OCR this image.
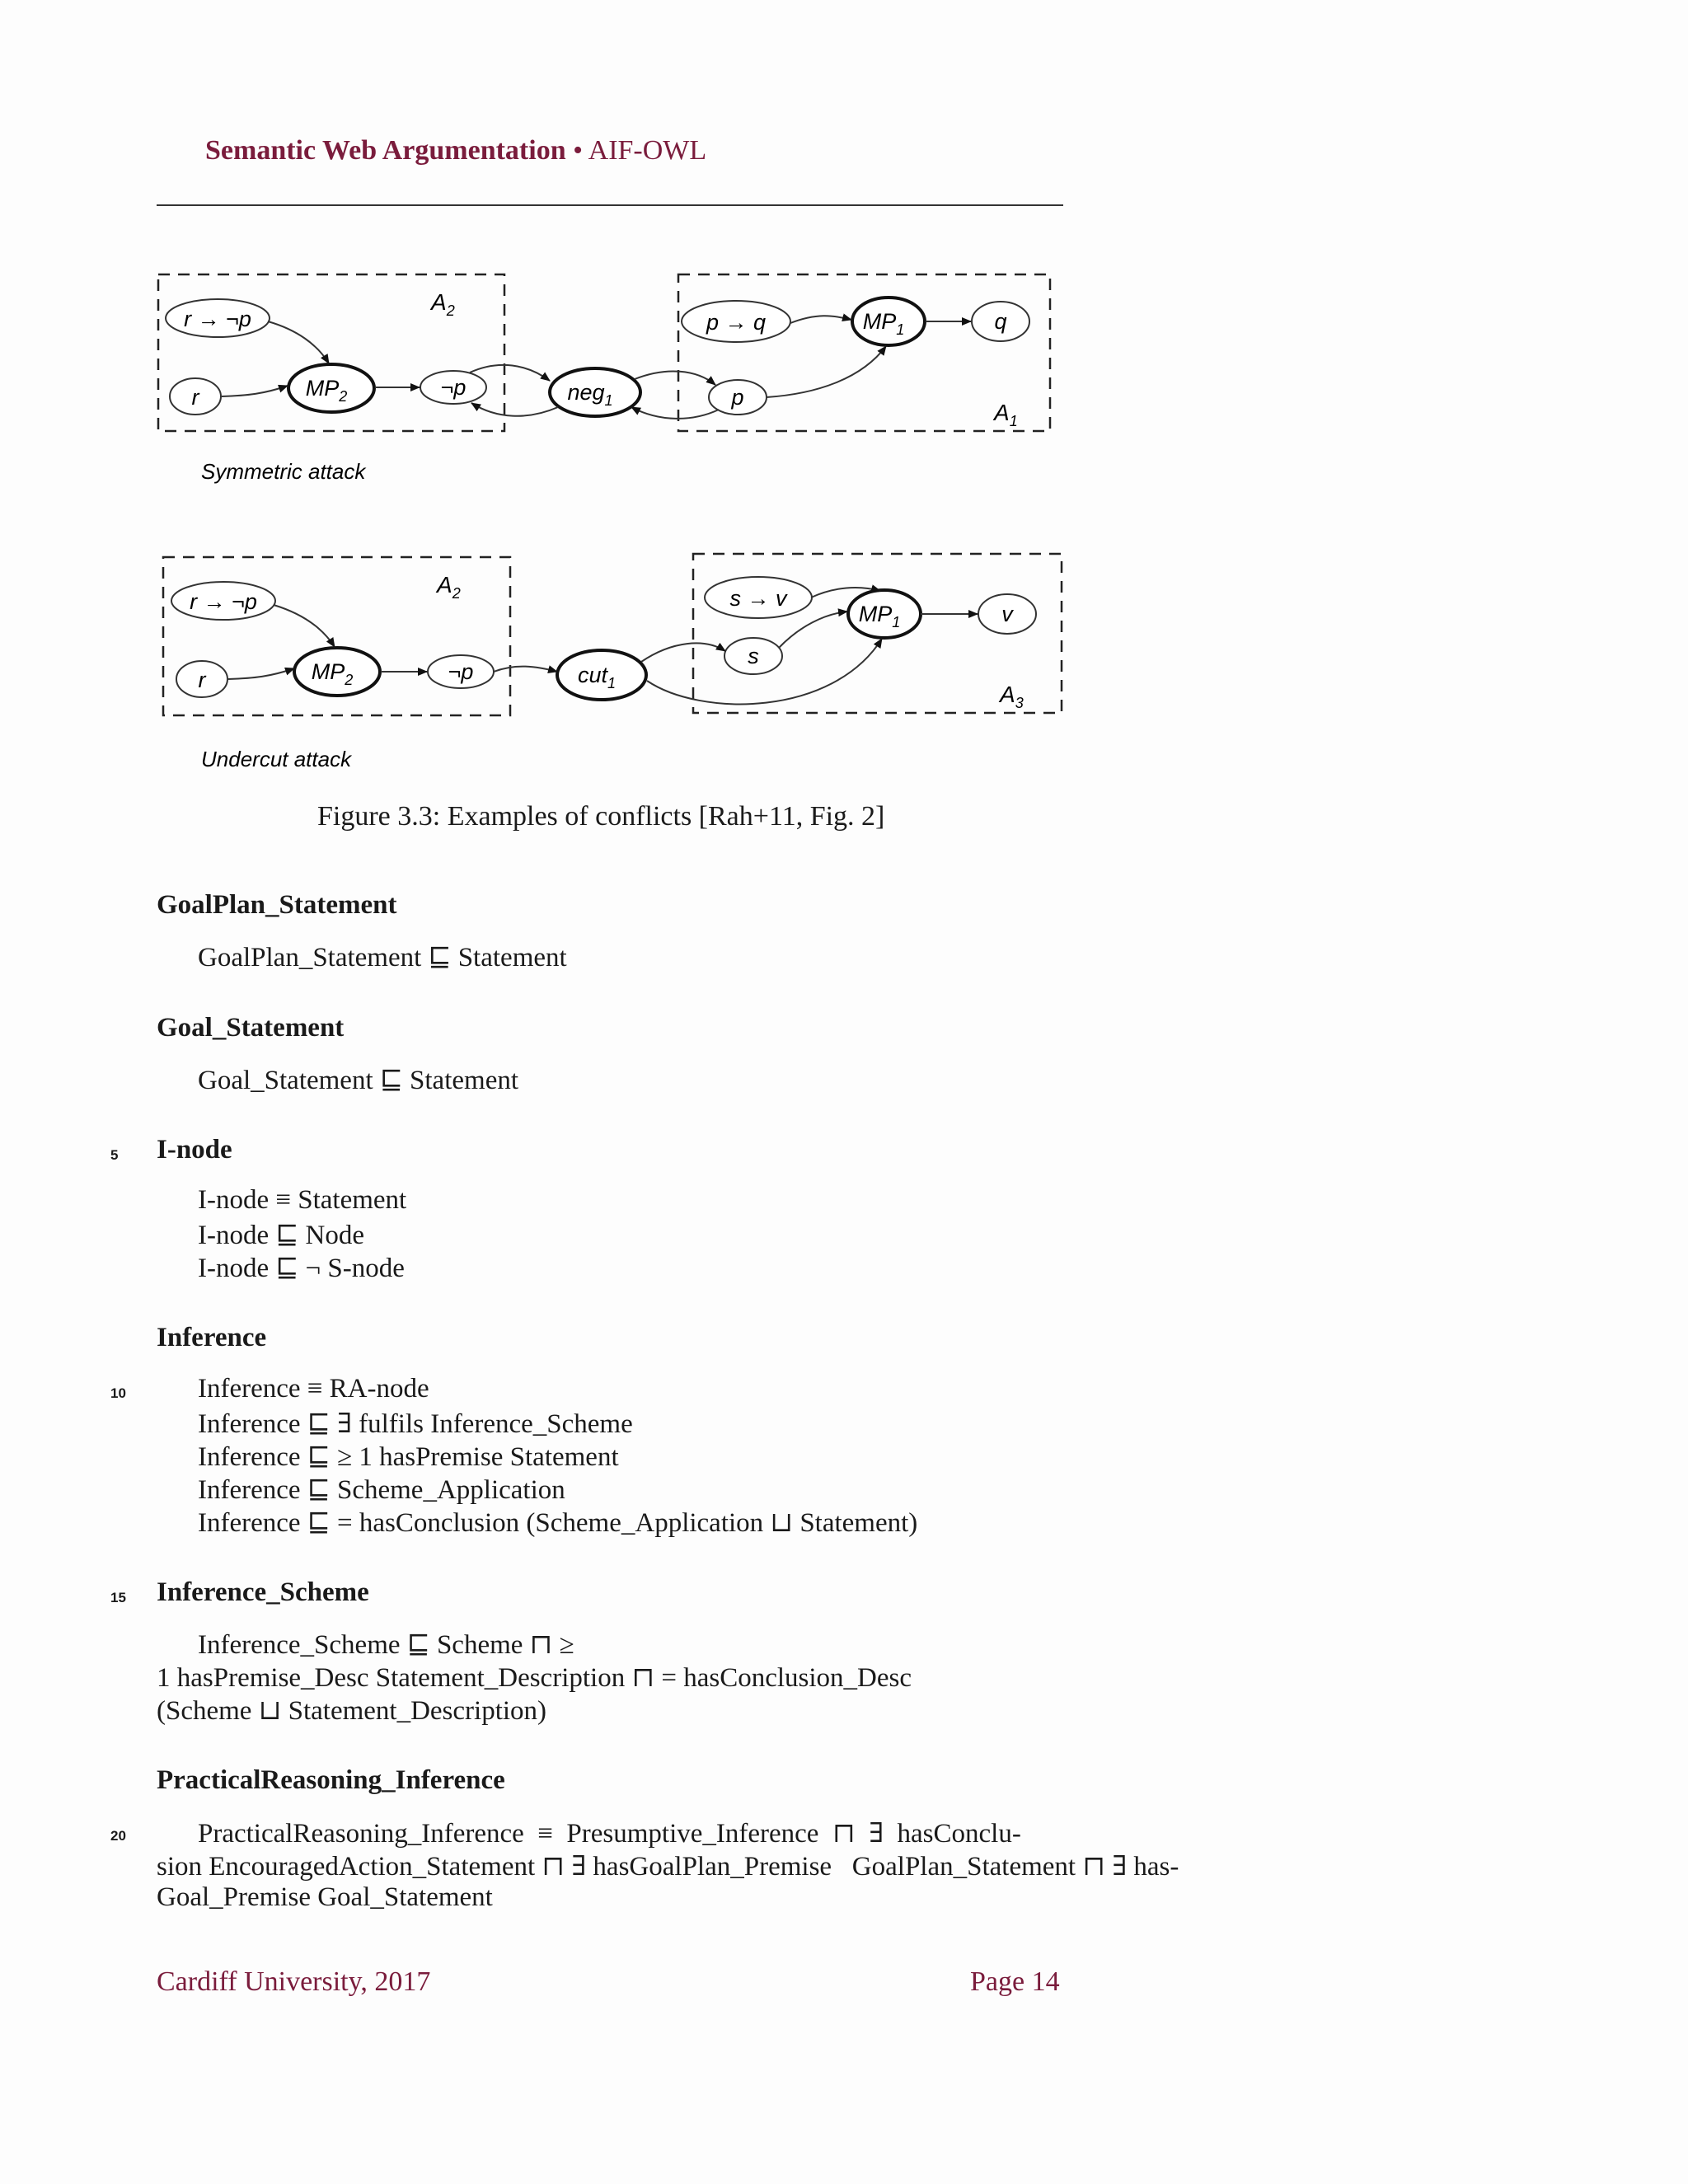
Semantic Web Argumentation • AIF-OWL
$A_2$
$A_1$
r → ¬p
r	$MP_2$	¬p	neg$_1$
p → q	$MP_1$	q
p
Symmetric attack
$A_2$
$A_3$
r → ¬p
r	$MP_2$	¬p	cut$_1$
s → v
$MP_1$	v
s
Undercut attack
Figure 3.3: Examples of conflicts [Rah+11, Fig. 2]
GoalPlan_Statement
GoalPlan_Statement ⊑ Statement
Goal_Statement
Goal_Statement ⊑ Statement
5 I-node
I-node ≡ Statement
I-node ⊑ Node
I-node ⊑ ¬ S-node
Inference
10	Inference ≡ RA-node
Inference ⊑ ∃ fulfils Inference_Scheme
Inference ⊑ ≥ 1 hasPremise Statement
Inference ⊑ Scheme_Application
Inference ⊑ = hasConclusion (Scheme_Application ⊔ Statement)
15 Inference_Scheme
Inference_Scheme ⊑ Scheme ⊓ ≥
1 hasPremise_Desc Statement_Description ⊓ = hasConclusion_Desc
(Scheme ⊔ Statement_Description)
PracticalReasoning_Inference
20	PracticalReasoning_Inference  ≡  Presumptive_Inference  ⊓  ∃  hasConclu-
sion EncouragedAction_Statement ⊓ ∃ hasGoalPlan_Premise   GoalPlan_Statement ⊓ ∃ has-
Goal_Premise Goal_Statement
Cardiff University, 2017	Page 14
